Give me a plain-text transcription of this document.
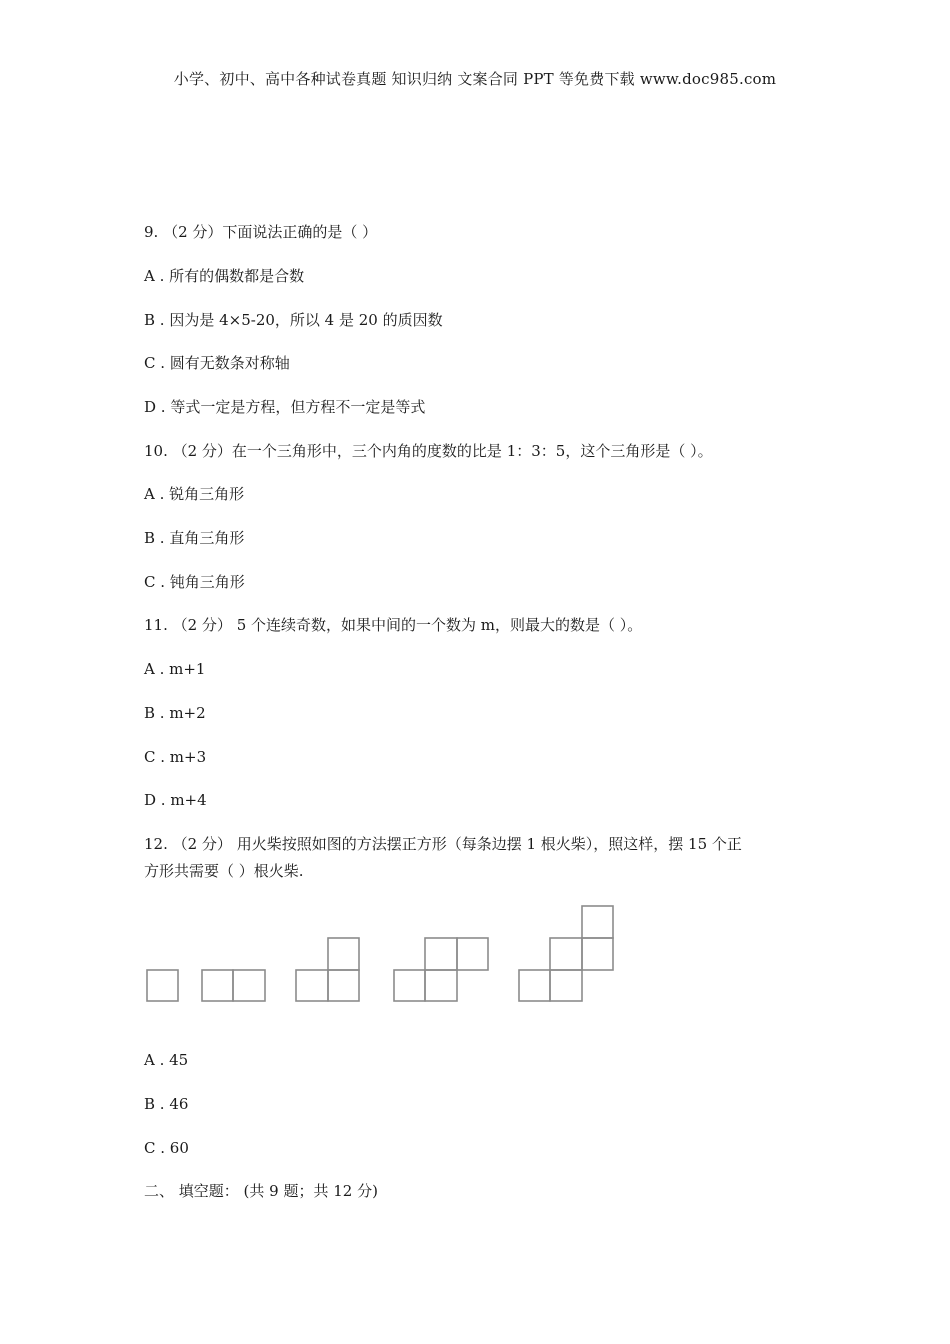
小学、初中、高中各种试卷真题 知识归纳 文案合同 PPT 等免费下载 www.doc985.com
9. （2 分）下面说法正确的是（ ）
A . 所有的偶数都是合数
B . 因为是 4×5-20，所以 4 是 20 的质因数
C . 圆有无数条对称轴
D . 等式一定是方程，但方程不一定是等式
10. （2 分）在一个三角形中，三个内角的度数的比是 1：3：5，这个三角形是（ ）。
A . 锐角三角形
B . 直角三角形
C . 钝角三角形
11. （2 分） 5 个连续奇数，如果中间的一个数为 m，则最大的数是（ ）。
A . m+1
B . m+2
C . m+3
D . m+4
12. （2 分） 用火柴按照如图的方法摆正方形（每条边摆 1 根火柴），照这样，摆 15 个正
方形共需要（ ）根火柴.
A . 45
B . 46
C . 60
二、 填空题： (共 9 题；共 12 分)
